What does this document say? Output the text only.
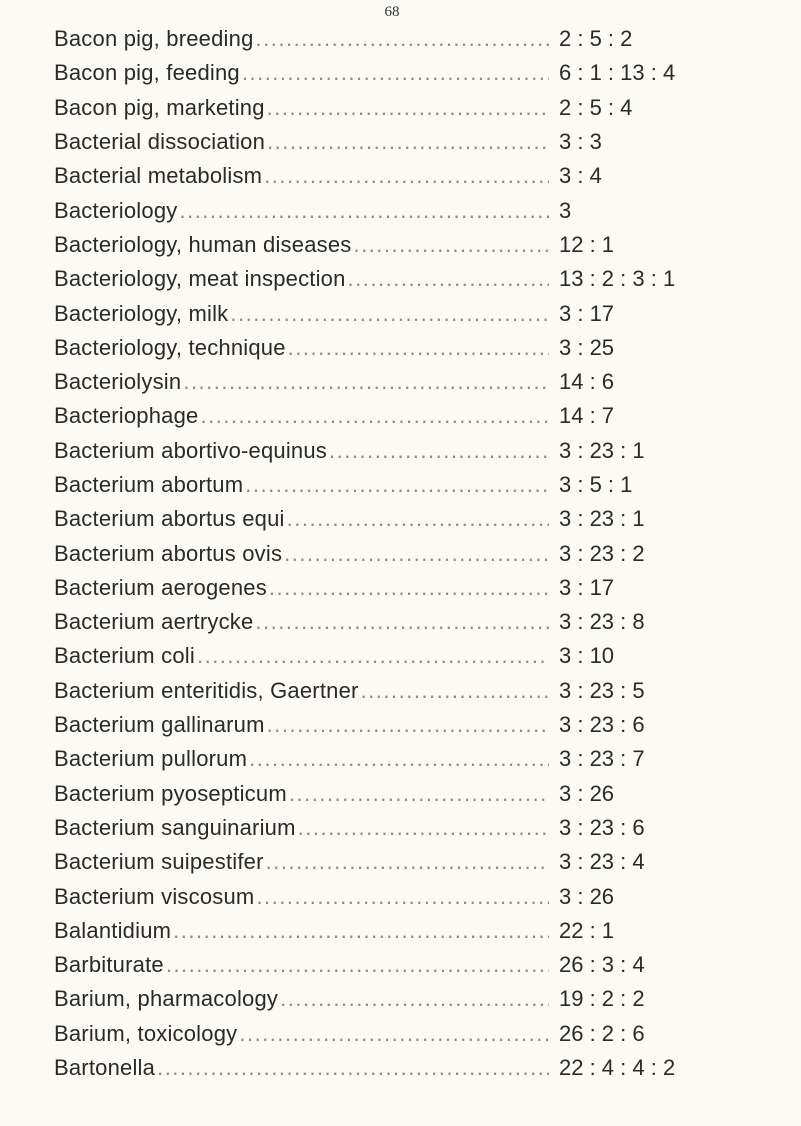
68
Bacon pig, breeding .....	2 : 5 : 2
Bacon pig, feeding .....	6 : 1 : 13 : 4
Bacon pig, marketing .....	2 : 5 : 4
Bacterial dissociation .....	3 : 3
Bacterial metabolism .....	3 : 4
Bacteriology .....	3
Bacteriology, human diseases .....	12 : 1
Bacteriology, meat inspection .....	13 : 2 : 3 : 1
Bacteriology, milk .....	3 : 17
Bacteriology, technique .....	3 : 25
Bacteriolysin .....	14 : 6
Bacteriophage .....	14 : 7
Bacterium abortivo-equinus .....	3 : 23 : 1
Bacterium abortum .....	3 : 5 : 1
Bacterium abortus equi .....	3 : 23 : 1
Bacterium abortus ovis .....	3 : 23 : 2
Bacterium aerogenes .....	3 : 17
Bacterium aertrycke .....	3 : 23 : 8
Bacterium coli .....	3 : 10
Bacterium enteritidis, Gaertner .....	3 : 23 : 5
Bacterium gallinarum .....	3 : 23 : 6
Bacterium pullorum .....	3 : 23 : 7
Bacterium pyosepticum .....	3 : 26
Bacterium sanguinarium .....	3 : 23 : 6
Bacterium suipestifer .....	3 : 23 : 4
Bacterium viscosum .....	3 : 26
Balantidium .....	22 : 1
Barbiturate .....	26 : 3 : 4
Barium, pharmacology .....	19 : 2 : 2
Barium, toxicology .....	26 : 2 : 6
Bartonella .....	22 : 4 : 4 : 2
